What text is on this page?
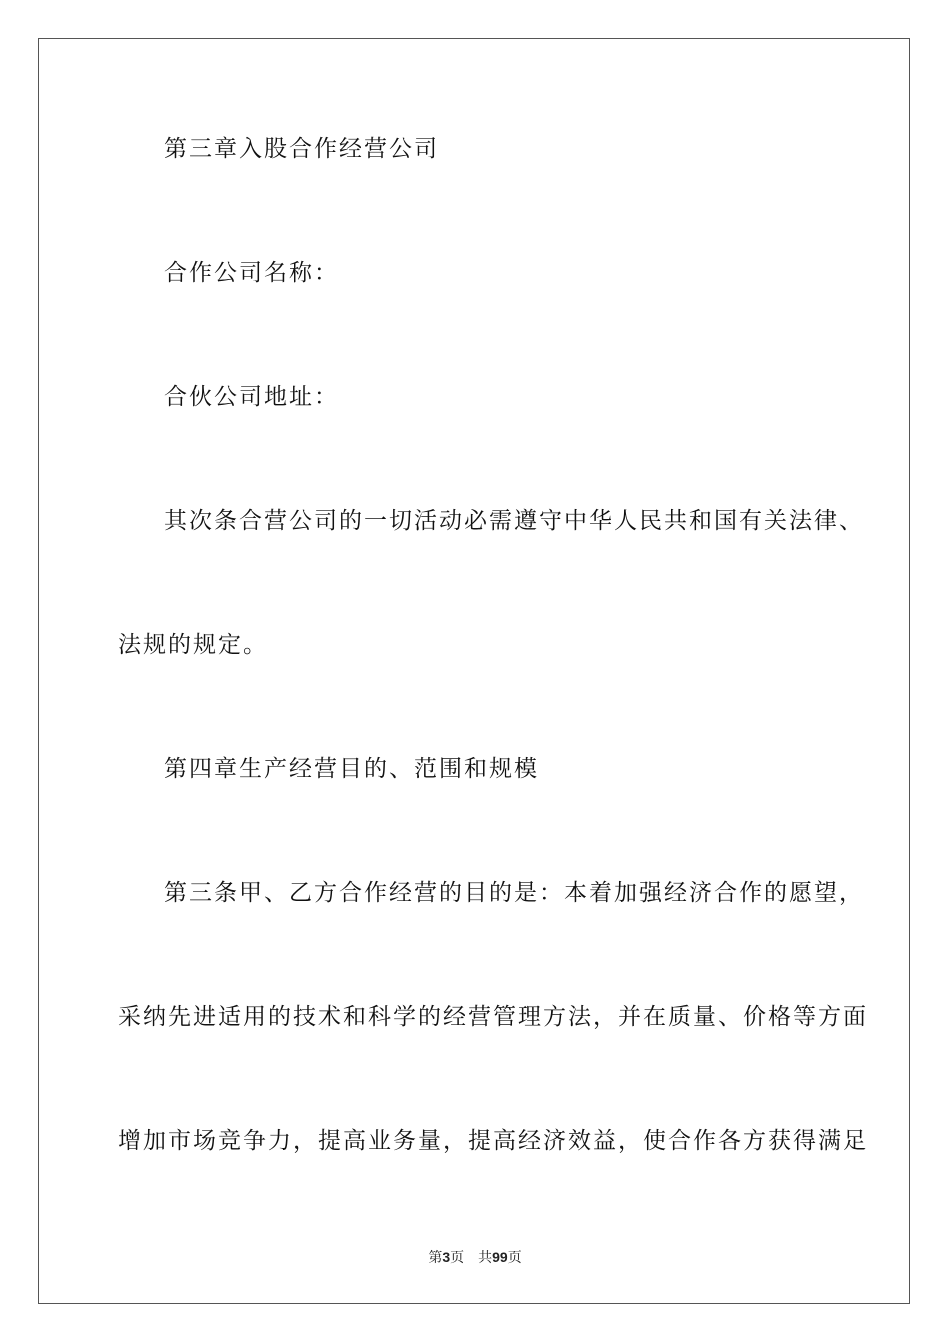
第三章入股合作经营公司

合作公司名称：

合伙公司地址：

其次条合营公司的一切活动必需遵守中华人民共和国有关法律、

法规的规定。

第四章生产经营目的、范围和规模

第三条甲、乙方合作经营的目的是：本着加强经济合作的愿望，

采纳先进适用的技术和科学的经营管理方法，并在质量、价格等方面

增加市场竞争力，提高业务量，提高经济效益，使合作各方获得满足

第3页 共99页
